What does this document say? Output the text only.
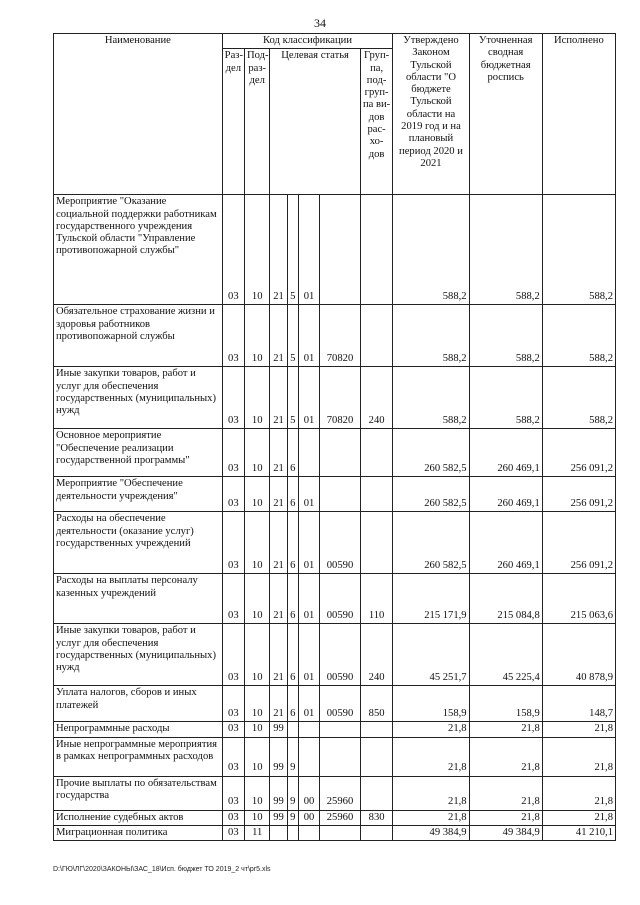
34
Наименование	Код классификации							Утверждено Законом Тульской области "О бюджете Тульской области на 2019 год и на плановый период 2020 и 2021	Уточненная сводная бюджетная роспись	Исполнено
	Раз-дел	Под-раз-дел	Целевая статья				Груп-па, под-груп-па ви-дов рас-хо-дов			
Мероприятие "Оказание социальной поддержки работникам государственного учреждения Тульской области "Управление противопожарной службы"	03	10	21	5	01			588,2	588,2	588,2
Обязательное страхование жизни и здоровья работников противопожарной службы	03	10	21	5	01	70820		588,2	588,2	588,2
Иные закупки товаров, работ и услуг для обеспечения государственных (муниципальных) нужд	03	10	21	5	01	70820	240	588,2	588,2	588,2
Основное мероприятие "Обеспечение реализации государственной программы"	03	10	21	6				260 582,5	260 469,1	256 091,2
Мероприятие "Обеспечение деятельности учреждения"	03	10	21	6	01			260 582,5	260 469,1	256 091,2
Расходы на обеспечение деятельности (оказание услуг) государственных учреждений	03	10	21	6	01	00590		260 582,5	260 469,1	256 091,2
Расходы на выплаты персоналу казенных учреждений	03	10	21	6	01	00590	110	215 171,9	215 084,8	215 063,6
Иные закупки товаров, работ и услуг для обеспечения государственных (муниципальных) нужд	03	10	21	6	01	00590	240	45 251,7	45 225,4	40 878,9
Уплата налогов, сборов и иных платежей	03	10	21	6	01	00590	850	158,9	158,9	148,7
Непрограммные расходы	03	10	99					21,8	21,8	21,8
Иные непрограммные мероприятия в рамках непрограммных расходов	03	10	99	9				21,8	21,8	21,8
Прочие выплаты по обязательствам государства	03	10	99	9	00	25960		21,8	21,8	21,8
Исполнение судебных актов	03	10	99	9	00	25960	830	21,8	21,8	21,8
Миграционная политика	03	11						49 384,9	49 384,9	41 210,1
D:\ГЮ\ЛГ\2020\ЗАКОНЫ\ЗАС_18\Исп. бюджет ТО 2019_2 чт\pr5.xls
